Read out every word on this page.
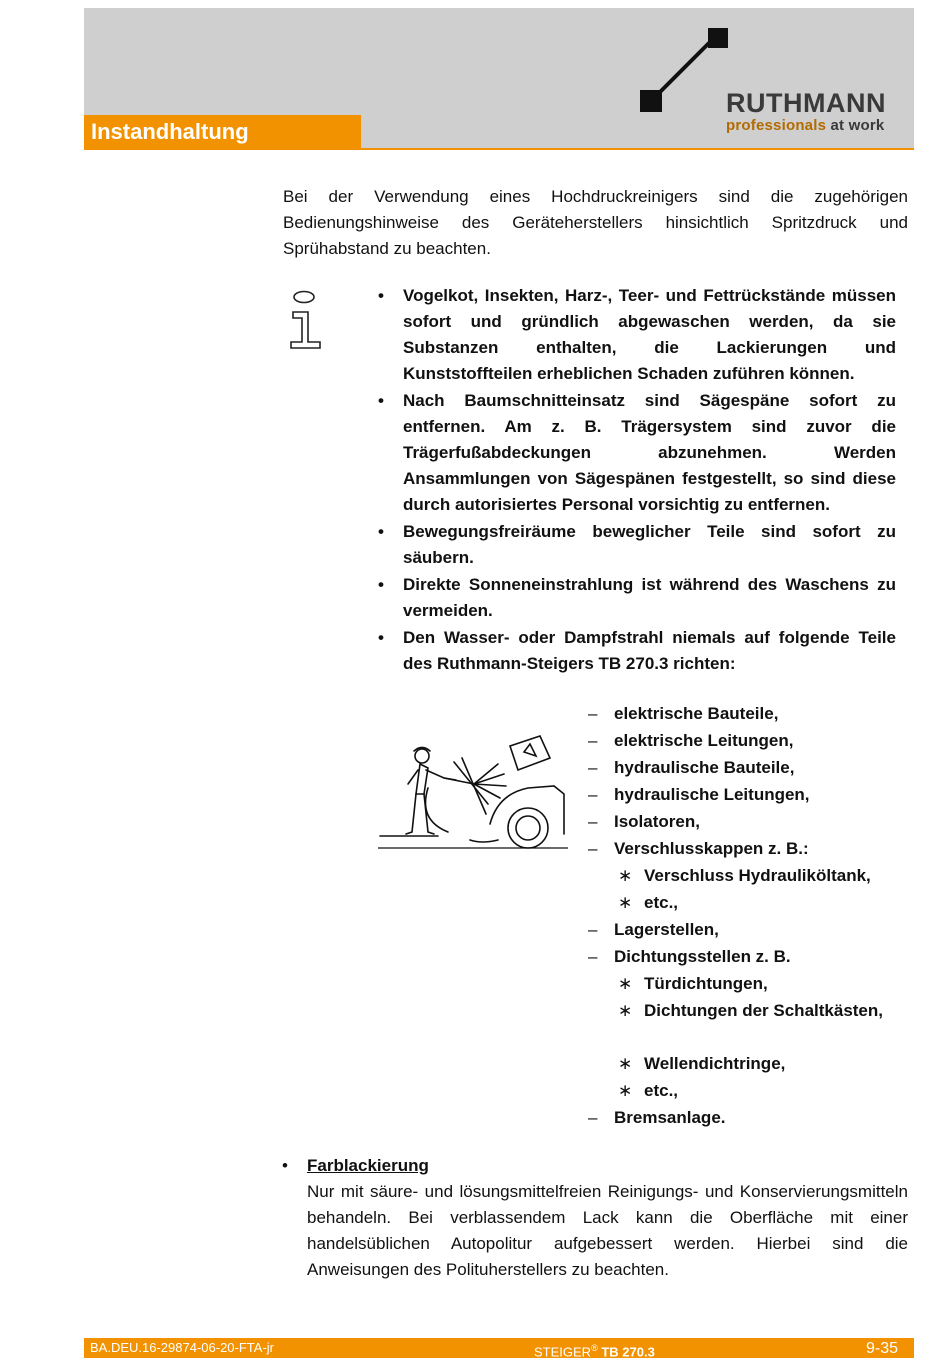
Instandhaltung
RUTHMANN
professionals at work
Bei der Verwendung eines Hochdruckreinigers sind die zugehörigen Bedienungshinweise des Geräteherstellers hinsichtlich Spritzdruck und Sprühabstand zu beachten.
• Vogelkot, Insekten, Harz-, Teer- und Fettrückstände müssen sofort und gründlich abgewaschen werden, da sie Substanzen enthalten, die Lackierungen und Kunststoffteilen erheblichen Schaden zuführen können.
• Nach Baumschnitteinsatz sind Sägespäne sofort zu entfernen. Am z. B. Trägersystem sind zuvor die Trägerfußabdeckungen abzunehmen. Werden Ansammlungen von Sägespänen festgestellt, so sind diese durch autorisiertes Personal vorsichtig zu entfernen.
• Bewegungsfreiräume beweglicher Teile sind sofort zu säubern.
• Direkte Sonneneinstrahlung ist während des Waschens zu vermeiden.
• Den Wasser- oder Dampfstrahl niemals auf folgende Teile des Ruthmann-Steigers TB 270.3 richten:
– elektrische Bauteile,
– elektrische Leitungen,
– hydraulische Bauteile,
– hydraulische Leitungen,
– Isolatoren,
– Verschlusskappen z. B.:
∗ Verschluss Hydrauliköltank,
∗ etc.,
– Lagerstellen,
– Dichtungsstellen z. B.
∗ Türdichtungen,
∗ Dichtungen der Schaltkästen,
∗ Wellendichtringe,
∗ etc.,
– Bremsanlage.
• Farblackierung
Nur mit säure- und lösungsmittelfreien Reinigungs- und Konservierungsmitteln behandeln. Bei verblassendem Lack kann die Oberfläche mit einer handelsüblichen Autopolitur aufgebessert werden. Hierbei sind die Anweisungen des Polituherstellers zu beachten.
BA.DEU.16-29874-06-20-FTA-jr	STEIGER® TB 270.3	9-35
